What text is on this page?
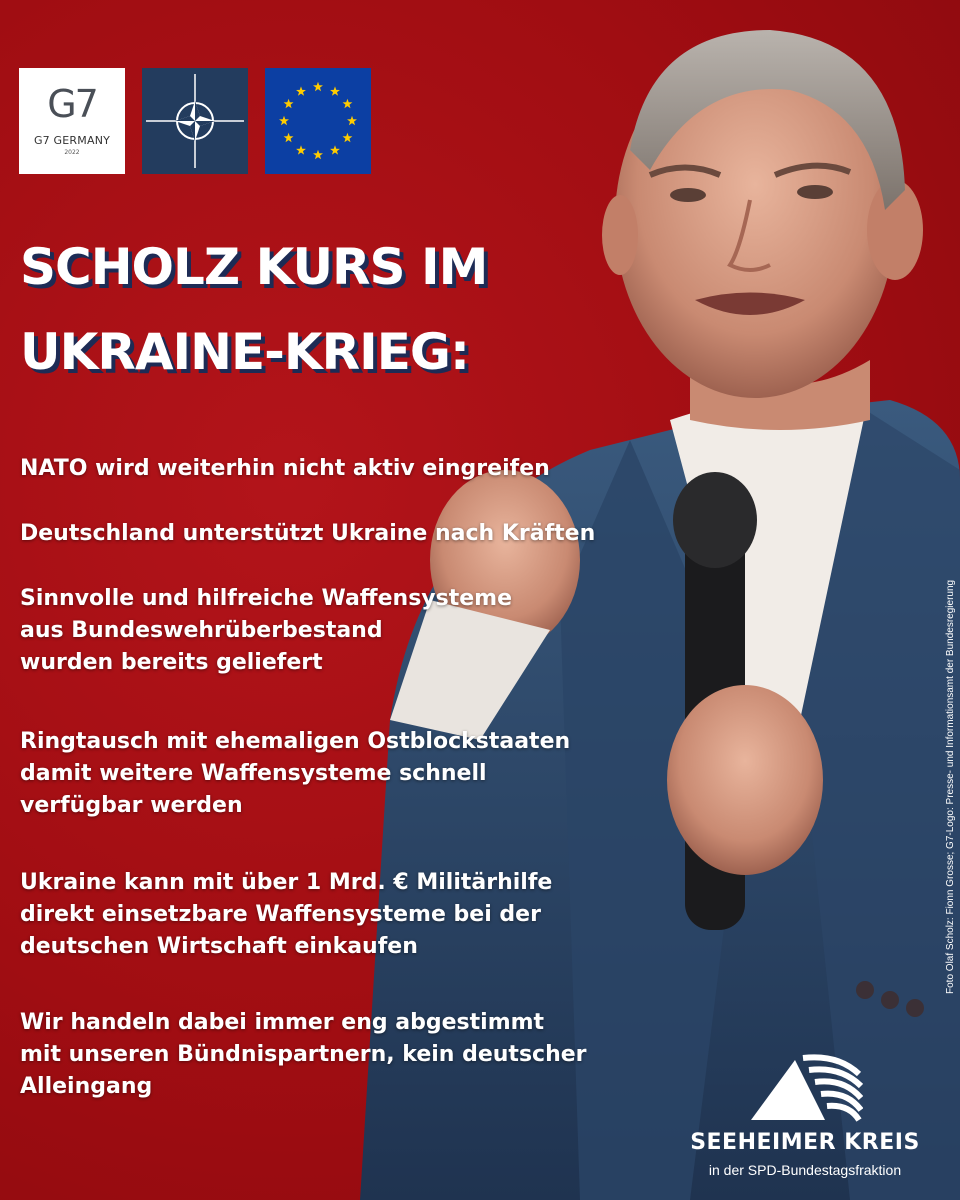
G7
G7 GERMANY
2022
SCHOLZ KURS IM
UKRAINE-KRIEG:
NATO wird weiterhin nicht aktiv eingreifen
Deutschland unterstützt Ukraine nach Kräften
Sinnvolle und hilfreiche Waffensysteme
aus Bundeswehrüberbestand
wurden bereits geliefert
Ringtausch mit ehemaligen Ostblockstaaten
damit weitere Waffensysteme schnell
verfügbar werden
Ukraine kann mit über 1 Mrd. € Militärhilfe
direkt einsetzbare Waffensysteme bei der
deutschen Wirtschaft einkaufen
Wir handeln dabei immer eng abgestimmt
mit unseren Bündnispartnern, kein deutscher
Alleingang
Foto Olaf Scholz: Fionn Grosse; G7-Logo: Presse- und Informationsamt der Bundesregierung
SEEHEIMER KREIS
in der SPD-Bundestagsfraktion
